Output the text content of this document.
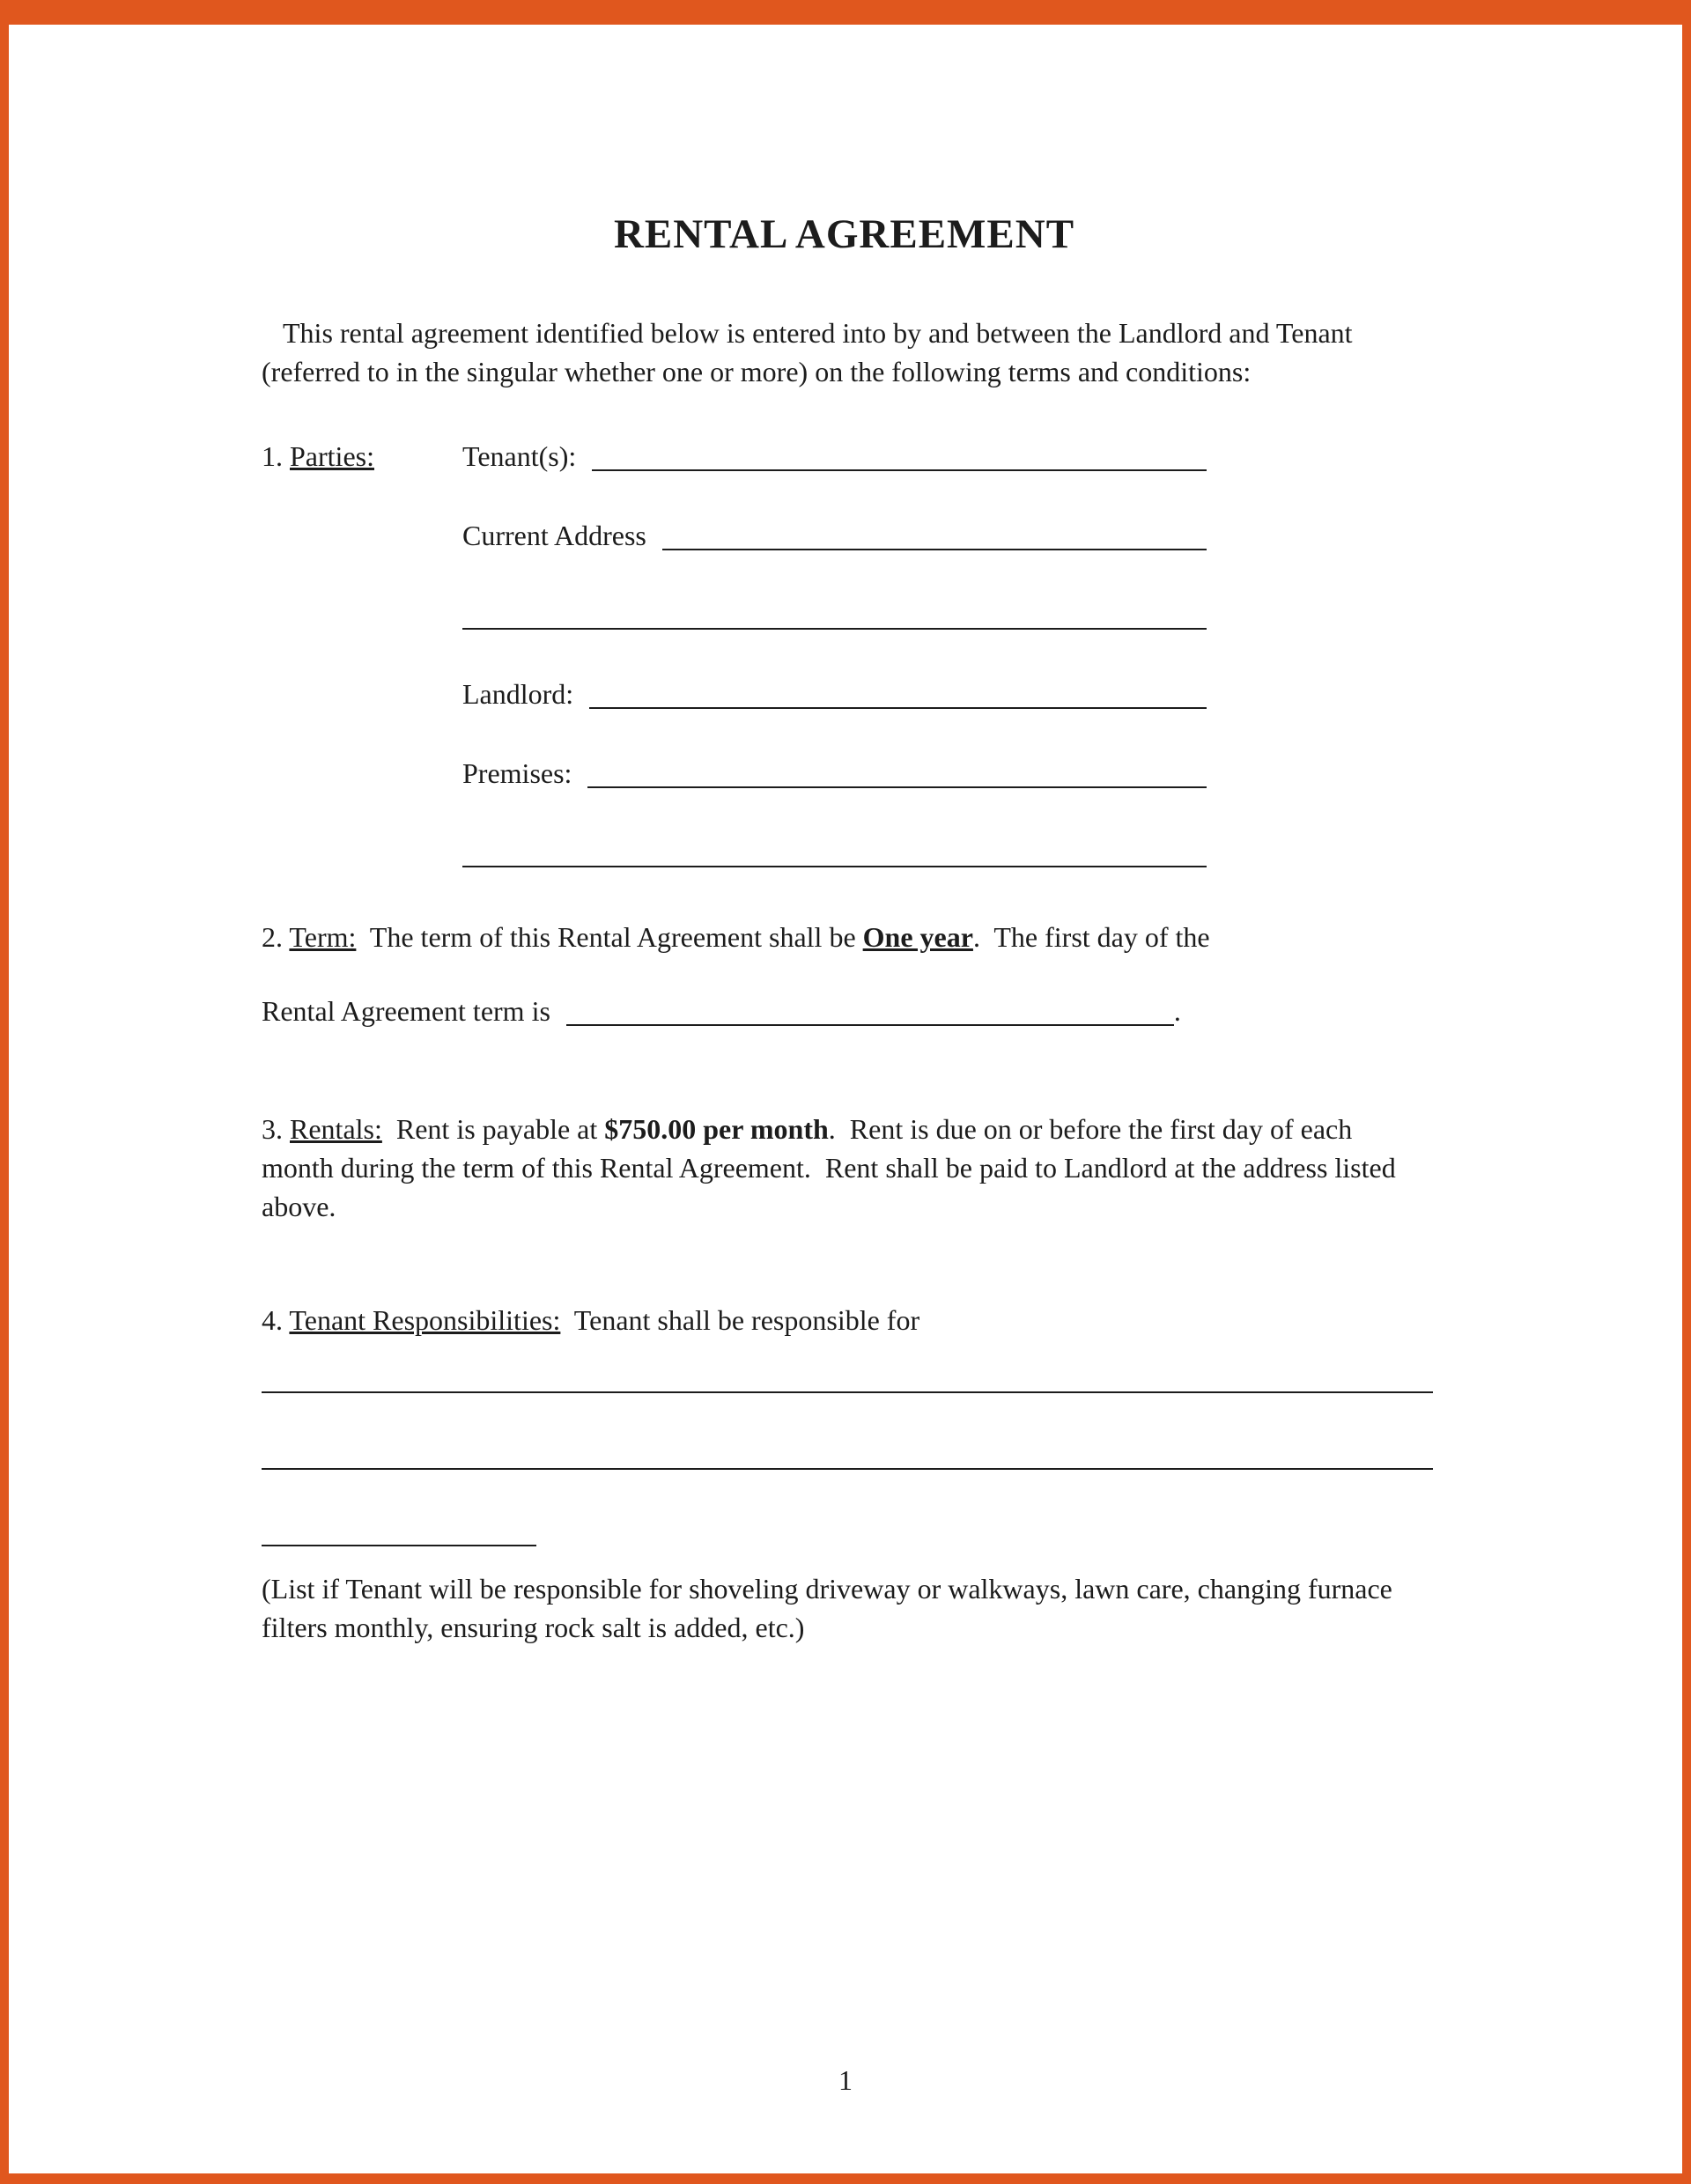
RENTAL AGREEMENT

This rental agreement identified below is entered into by and between the Landlord and Tenant (referred to in the singular whether one or more) on the following terms and conditions:

1. Parties:	Tenant(s):
Current Address
Landlord:
Premises:

2. Term:  The term of this Rental Agreement shall be One year.  The first day of the

Rental Agreement term is	.

3. Rentals:  Rent is payable at $750.00 per month.  Rent is due on or before the first day of each month during the term of this Rental Agreement.  Rent shall be paid to Landlord at the address listed above.

4. Tenant Responsibilities:  Tenant shall be responsible for

(List if Tenant will be responsible for shoveling driveway or walkways, lawn care, changing furnace filters monthly, ensuring rock salt is added, etc.)

1
